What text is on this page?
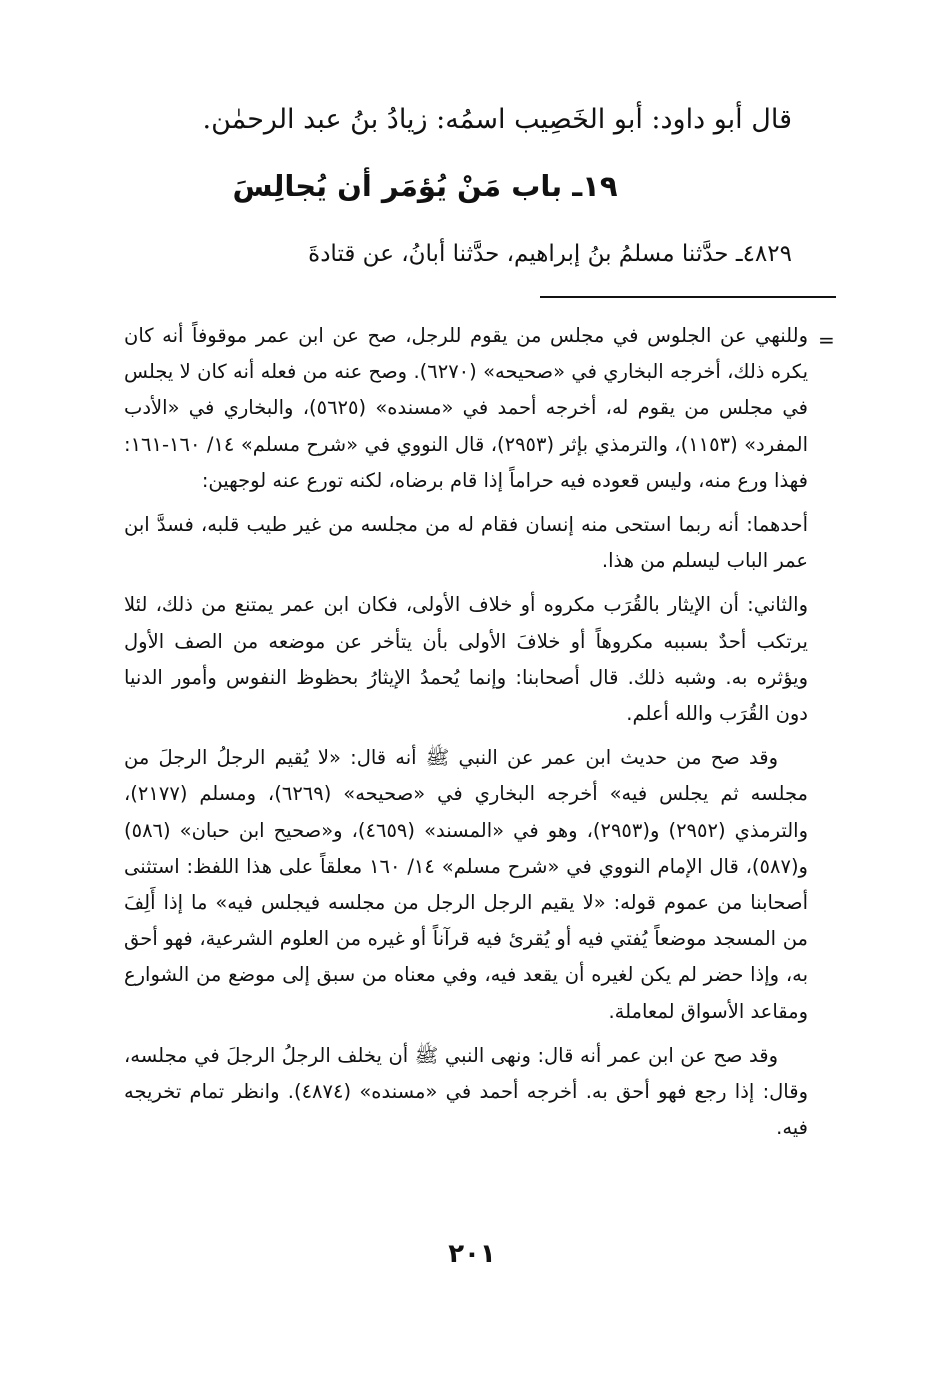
قال أبو داود: أبو الخَصِيب اسمُه: زيادُ بنُ عبد الرحمٰن.
١٩ـ باب مَنْ يُؤمَر أن يُجالِسَ
٤٨٢٩ـ حدَّثنا مسلمُ بنُ إبراهيم، حدَّثنا أبانُ، عن قتادةَ
=

وللنهي عن الجلوس في مجلس من يقوم للرجل، صح عن ابن عمر موقوفاً أنه كان يكره ذلك، أخرجه البخاري في «صحيحه» (٦٢٧٠). وصح عنه من فعله أنه كان لا يجلس في مجلس من يقوم له، أخرجه أحمد في «مسنده» (٥٦٢٥)، والبخاري في «الأدب المفرد» (١١٥٣)، والترمذي بإثر (٢٩٥٣)، قال النووي في «شرح مسلم» ١٤/ ١٦٠-١٦١: فهذا ورع منه، وليس قعوده فيه حراماً إذا قام برضاه، لكنه تورع عنه لوجهين:

أحدهما: أنه ربما استحى منه إنسان فقام له من مجلسه من غير طيب قلبه، فسدَّ ابن عمر الباب ليسلم من هذا.

والثاني: أن الإيثار بالقُرَب مكروه أو خلاف الأولى، فكان ابن عمر يمتنع من ذلك، لئلا يرتكب أحدٌ بسببه مكروهاً أو خلافَ الأولى بأن يتأخر عن موضعه من الصف الأول ويؤثره به. وشبه ذلك. قال أصحابنا: وإنما يُحمدُ الإيثارُ بحظوظ النفوس وأمور الدنيا دون القُرَب والله أعلم.

وقد صح من حديث ابن عمر عن النبي ﷺ أنه قال: «لا يُقيم الرجلُ الرجلَ من مجلسه ثم يجلس فيه» أخرجه البخاري في «صحيحه» (٦٢٦٩)، ومسلم (٢١٧٧)، والترمذي (٢٩٥٢) و(٢٩٥٣)، وهو في «المسند» (٤٦٥٩)، و«صحيح ابن حبان» (٥٨٦) و(٥٨٧)، قال الإمام النووي في «شرح مسلم» ١٤/ ١٦٠ معلقاً على هذا اللفظ: استثنى أصحابنا من عموم قوله: «لا يقيم الرجل الرجل من مجلسه فيجلس فيه» ما إذا أَلِفَ من المسجد موضعاً يُفتي فيه أو يُقرئ فيه قرآناً أو غيره من العلوم الشرعية، فهو أحق به، وإذا حضر لم يكن لغيره أن يقعد فيه، وفي معناه من سبق إلى موضع من الشوارع ومقاعد الأسواق لمعاملة.

وقد صح عن ابن عمر أنه قال: ونهى النبي ﷺ أن يخلف الرجلُ الرجلَ في مجلسه، وقال: إذا رجع فهو أحق به. أخرجه أحمد في «مسنده» (٤٨٧٤). وانظر تمام تخريجه فيه.

٢٠١
